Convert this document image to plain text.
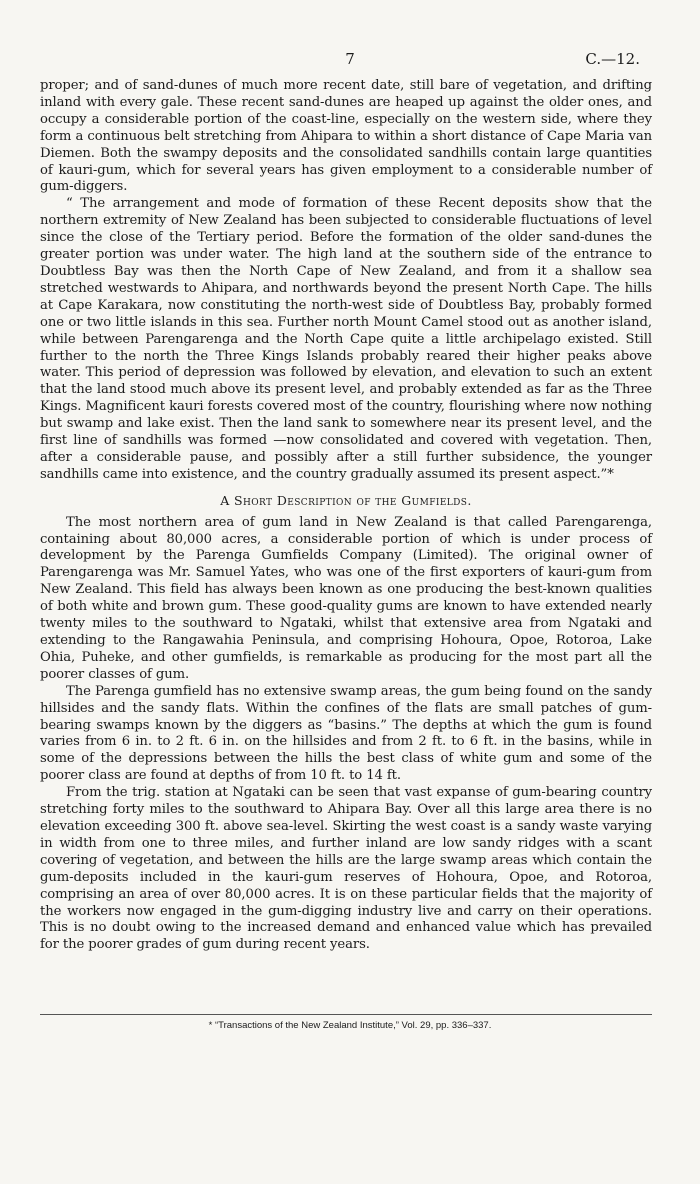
7	C.—12.

proper; and of sand-dunes of much more recent date, still bare of vegetation, and drifting inland with every gale. These recent sand-dunes are heaped up against the older ones, and occupy a considerable portion of the coast-line, especially on the western side, where they form a continuous belt stretching from Ahipara to within a short distance of Cape Maria van Diemen. Both the swampy deposits and the consolidated sandhills contain large quantities of kauri-gum, which for several years has given employment to a considerable number of gum-diggers.

“ The arrangement and mode of formation of these Recent deposits show that the northern extremity of New Zealand has been subjected to considerable fluctuations of level since the close of the Tertiary period. Before the formation of the older sand-dunes the greater portion was under water. The high land at the southern side of the entrance to Doubtless Bay was then the North Cape of New Zealand, and from it a shallow sea stretched westwards to Ahipara, and northwards beyond the present North Cape. The hills at Cape Karakara, now constituting the north-west side of Doubtless Bay, probably formed one or two little islands in this sea. Further north Mount Camel stood out as another island, while between Parengarenga and the North Cape quite a little archipelago existed. Still further to the north the Three Kings Islands probably reared their higher peaks above water. This period of depression was followed by elevation, and elevation to such an extent that the land stood much above its present level, and probably extended as far as the Three Kings. Magnificent kauri forests covered most of the country, flourishing where now nothing but swamp and lake exist. Then the land sank to somewhere near its present level, and the first line of sandhills was formed —now consolidated and covered with vegetation. Then, after a considerable pause, and possibly after a still further subsidence, the younger sandhills came into existence, and the country gradually assumed its present aspect.”*

A Short Description of the Gumfields.

The most northern area of gum land in New Zealand is that called Parengarenga, containing about 80,000 acres, a considerable portion of which is under process of development by the Parenga Gumfields Company (Limited). The original owner of Parengarenga was Mr. Samuel Yates, who was one of the first exporters of kauri-gum from New Zealand. This field has always been known as one producing the best-known qualities of both white and brown gum. These good-quality gums are known to have extended nearly twenty miles to the southward to Ngataki, whilst that extensive area from Ngataki and extending to the Rangawahia Peninsula, and comprising Hohoura, Opoe, Rotoroa, Lake Ohia, Puheke, and other gumfields, is remarkable as producing for the most part all the poorer classes of gum.

The Parenga gumfield has no extensive swamp areas, the gum being found on the sandy hillsides and the sandy flats. Within the confines of the flats are small patches of gum-bearing swamps known by the diggers as “basins.” The depths at which the gum is found varies from 6 in. to 2 ft. 6 in. on the hillsides and from 2 ft. to 6 ft. in the basins, while in some of the depressions between the hills the best class of white gum and some of the poorer class are found at depths of from 10 ft. to 14 ft.

From the trig. station at Ngataki can be seen that vast expanse of gum-bearing country stretching forty miles to the southward to Ahipara Bay. Over all this large area there is no elevation exceeding 300 ft. above sea-level. Skirting the west coast is a sandy waste varying in width from one to three miles, and further inland are low sandy ridges with a scant covering of vegetation, and between the hills are the large swamp areas which contain the gum-deposits included in the kauri-gum reserves of Hohoura, Opoe, and Rotoroa, comprising an area of over 80,000 acres. It is on these particular fields that the majority of the workers now engaged in the gum-digging industry live and carry on their operations. This is no doubt owing to the increased demand and enhanced value which has prevailed for the poorer grades of gum during recent years.

* “Transactions of the New Zealand Institute,” Vol. 29, pp. 336–337.
